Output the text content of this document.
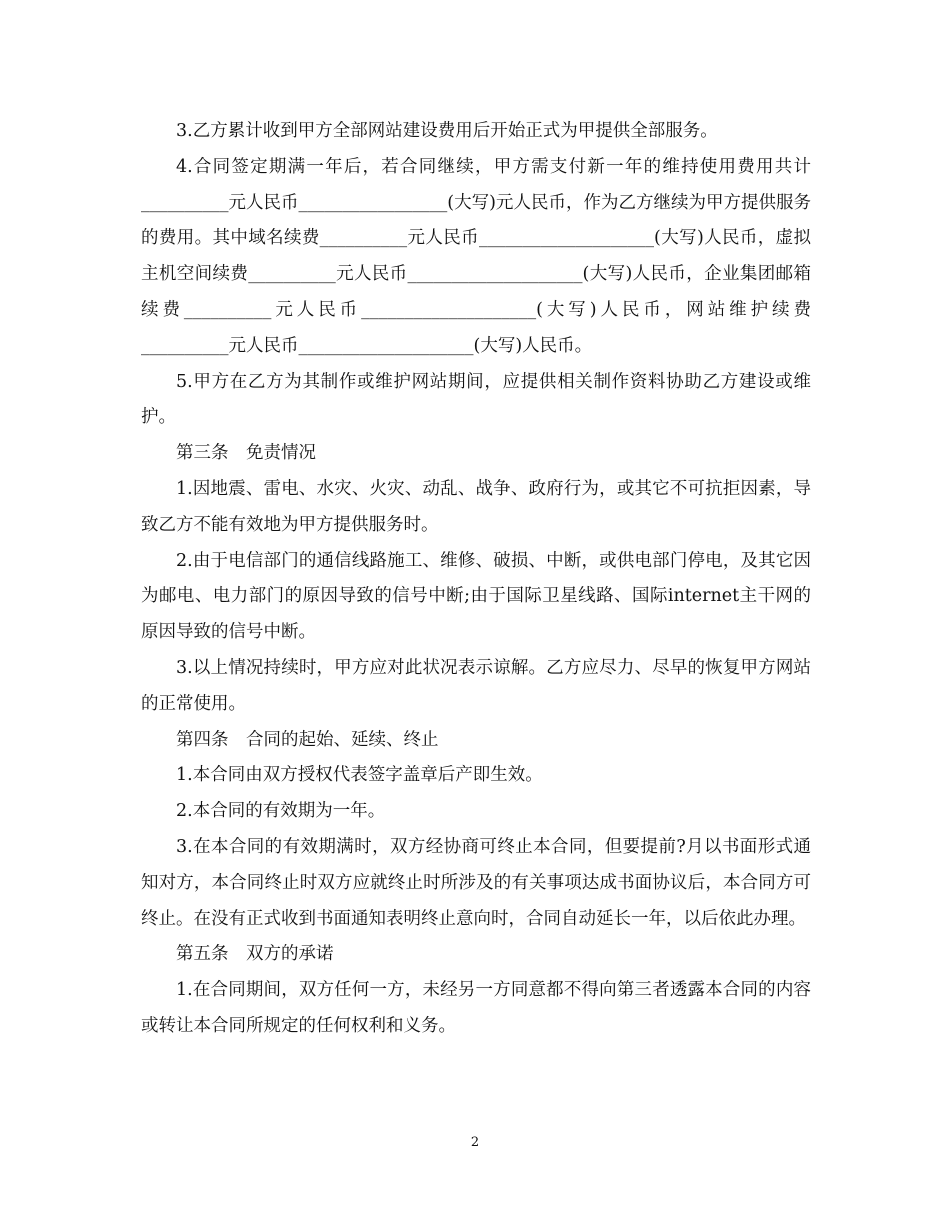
3.乙方累计收到甲方全部网站建设费用后开始正式为甲提供全部服务。

4.合同签定期满一年后，若合同继续，甲方需支付新一年的维持使用费用共计__________元人民币_________________(大写)元人民币，作为乙方继续为甲方提供服务的费用。其中域名续费__________元人民币____________________(大写)人民币，虚拟主机空间续费__________元人民币____________________(大写)人民币，企业集团邮箱续费__________元人民币____________________(大写)人民币，网站维护续费__________元人民币____________________(大写)人民币。

5.甲方在乙方为其制作或维护网站期间，应提供相关制作资料协助乙方建设或维护。

第三条　免责情况

1.因地震、雷电、水灾、火灾、动乱、战争、政府行为，或其它不可抗拒因素，导致乙方不能有效地为甲方提供服务时。

2.由于电信部门的通信线路施工、维修、破损、中断，或供电部门停电，及其它因为邮电、电力部门的原因导致的信号中断;由于国际卫星线路、国际internet主干网的原因导致的信号中断。

3.以上情况持续时，甲方应对此状况表示谅解。乙方应尽力、尽早的恢复甲方网站的正常使用。

第四条　合同的起始、延续、终止

1.本合同由双方授权代表签字盖章后产即生效。

2.本合同的有效期为一年。

3.在本合同的有效期满时，双方经协商可终止本合同，但要提前?月以书面形式通知对方，本合同终止时双方应就终止时所涉及的有关事项达成书面协议后，本合同方可终止。在没有正式收到书面通知表明终止意向时，合同自动延长一年，以后依此办理。

第五条　双方的承诺

1.在合同期间，双方任何一方，未经另一方同意都不得向第三者透露本合同的内容或转让本合同所规定的任何权利和义务。

2
